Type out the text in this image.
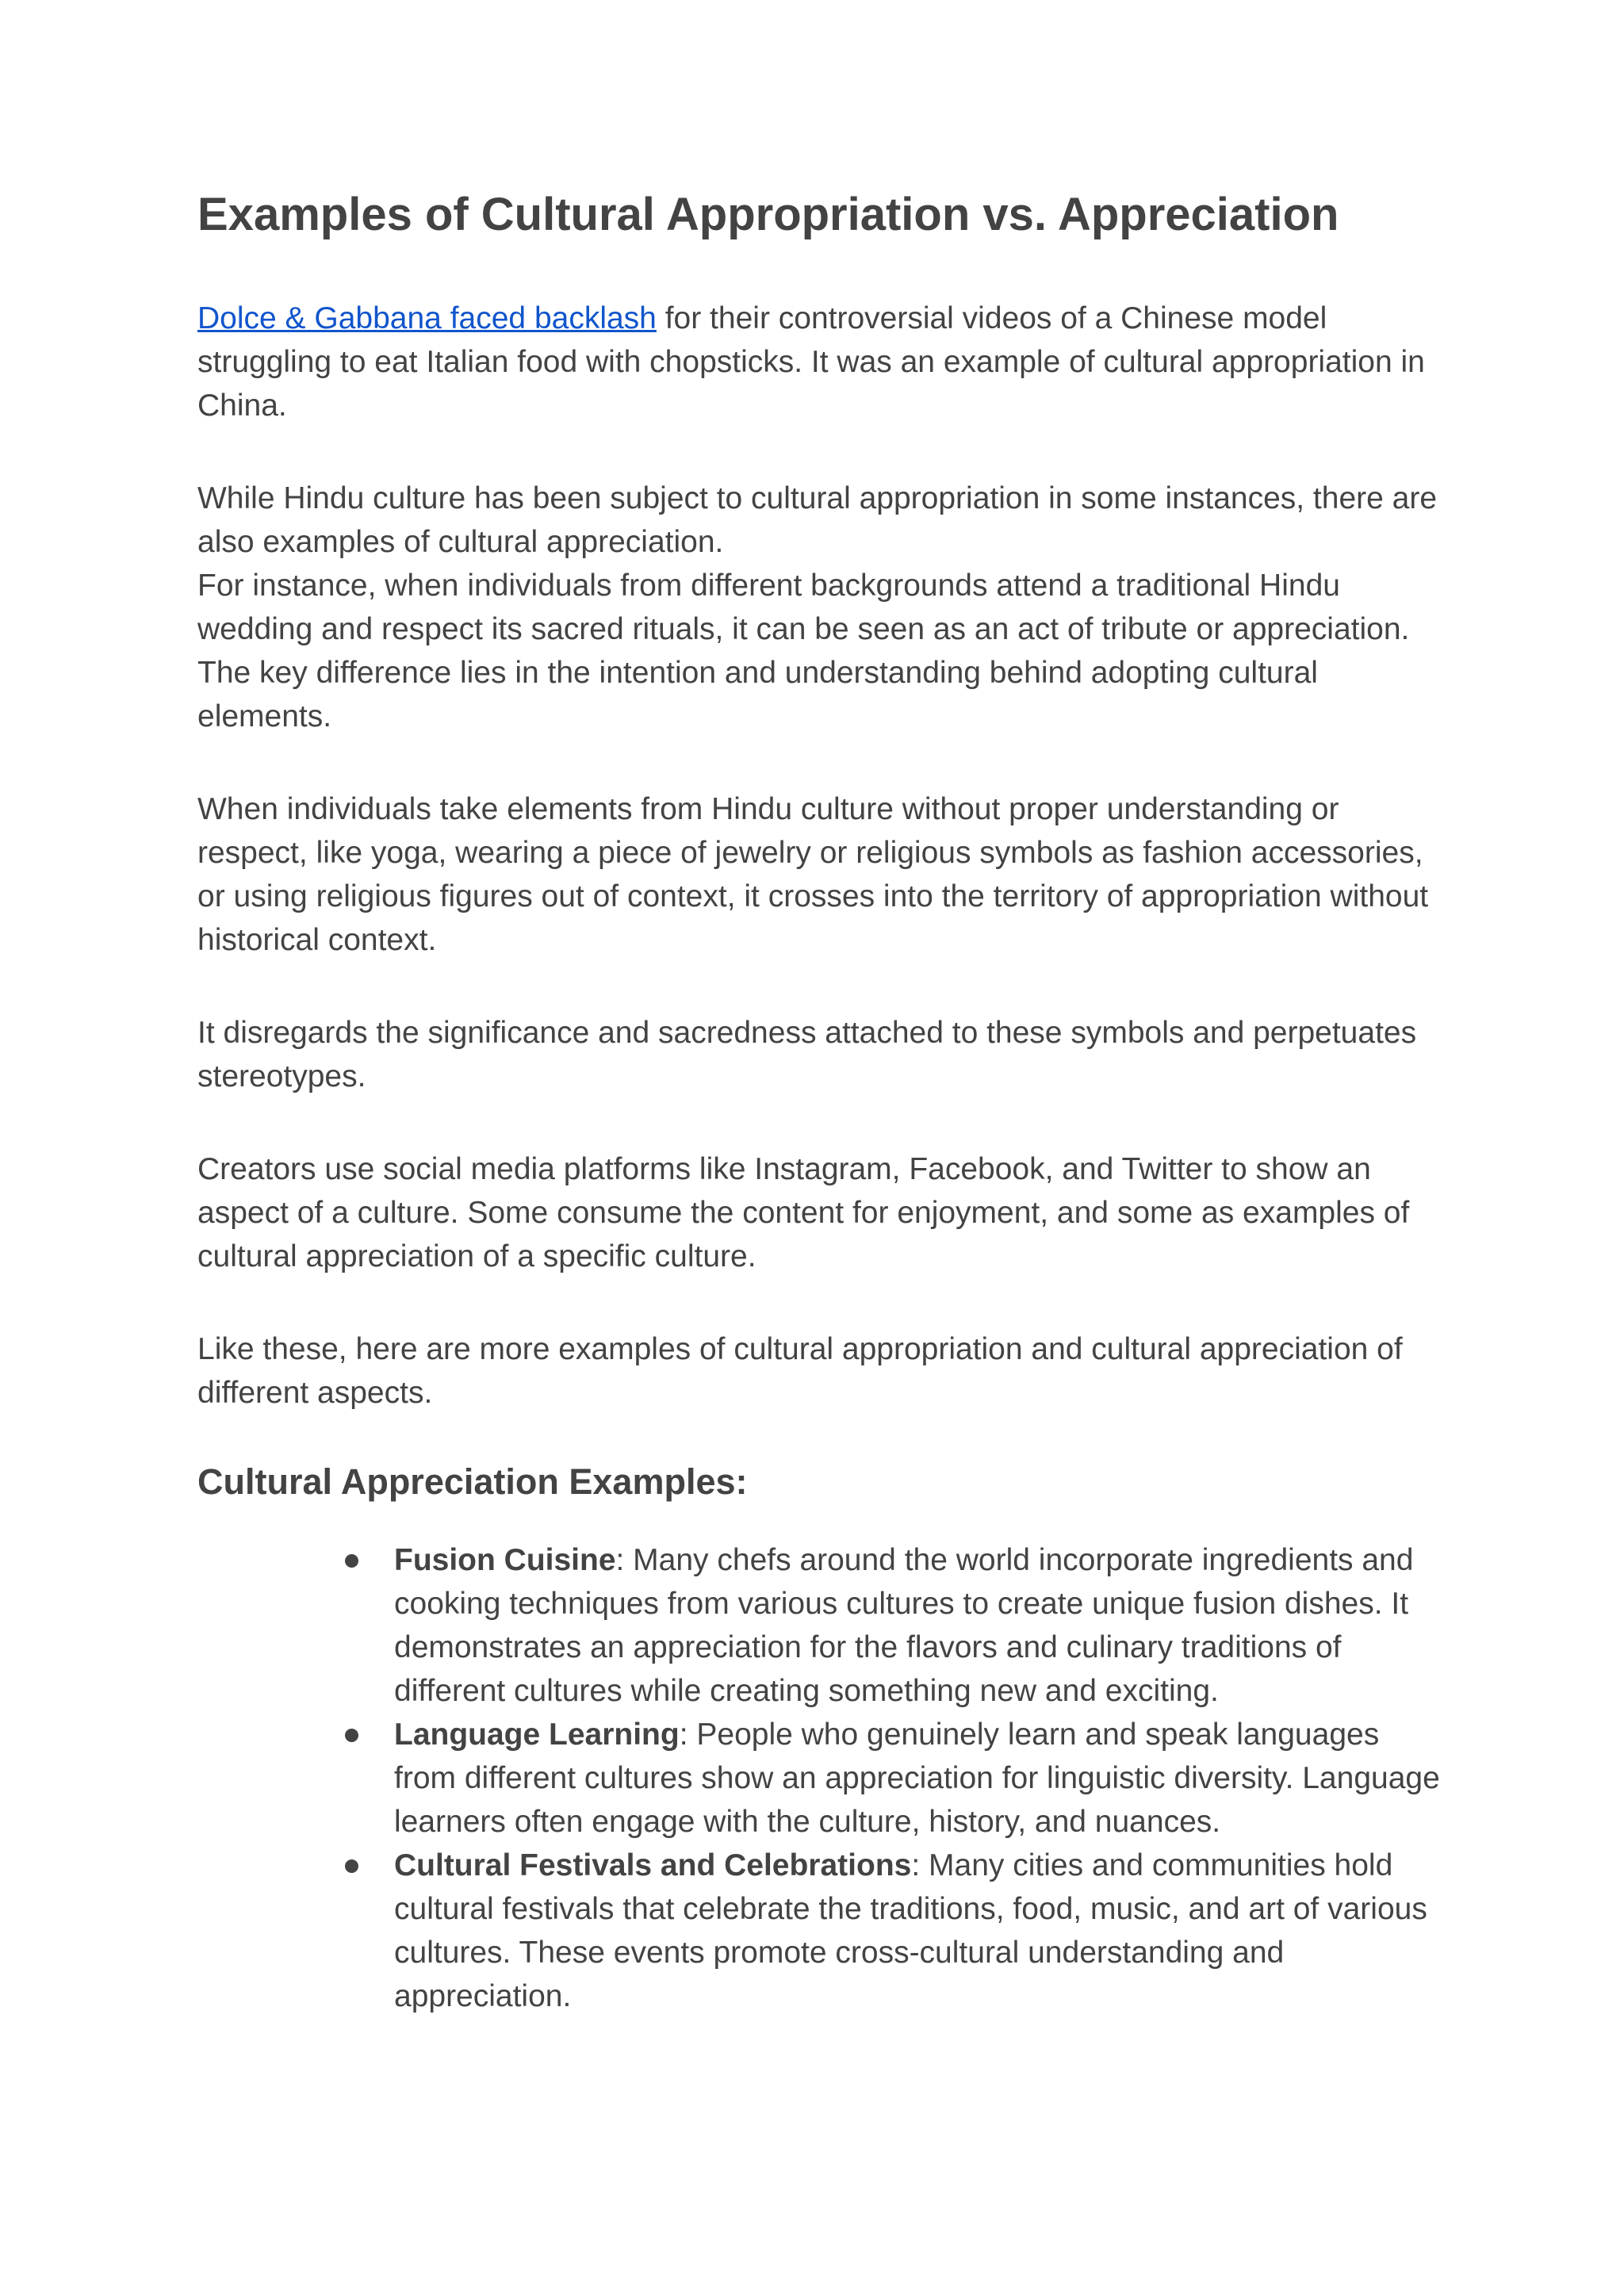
Examples of Cultural Appropriation vs. Appreciation

Dolce & Gabbana faced backlash for their controversial videos of a Chinese model struggling to eat Italian food with chopsticks. It was an example of cultural appropriation in China.

While Hindu culture has been subject to cultural appropriation in some instances, there are also examples of cultural appreciation.

For instance, when individuals from different backgrounds attend a traditional Hindu wedding and respect its sacred rituals, it can be seen as an act of tribute or appreciation. The key difference lies in the intention and understanding behind adopting cultural elements.

When individuals take elements from Hindu culture without proper understanding or respect, like yoga, wearing a piece of jewelry or religious symbols as fashion accessories, or using religious figures out of context, it crosses into the territory of appropriation without historical context.

It disregards the significance and sacredness attached to these symbols and perpetuates stereotypes.

Creators use social media platforms like Instagram, Facebook, and Twitter to show an aspect of a culture. Some consume the content for enjoyment, and some as examples of cultural appreciation of a specific culture.

Like these, here are more examples of cultural appropriation and cultural appreciation of different aspects.

Cultural Appreciation Examples:
Fusion Cuisine: Many chefs around the world incorporate ingredients and cooking techniques from various cultures to create unique fusion dishes. It demonstrates an appreciation for the flavors and culinary traditions of different cultures while creating something new and exciting.
Language Learning: People who genuinely learn and speak languages from different cultures show an appreciation for linguistic diversity. Language learners often engage with the culture, history, and nuances.
Cultural Festivals and Celebrations: Many cities and communities hold cultural festivals that celebrate the traditions, food, music, and art of various cultures. These events promote cross-cultural understanding and appreciation.
